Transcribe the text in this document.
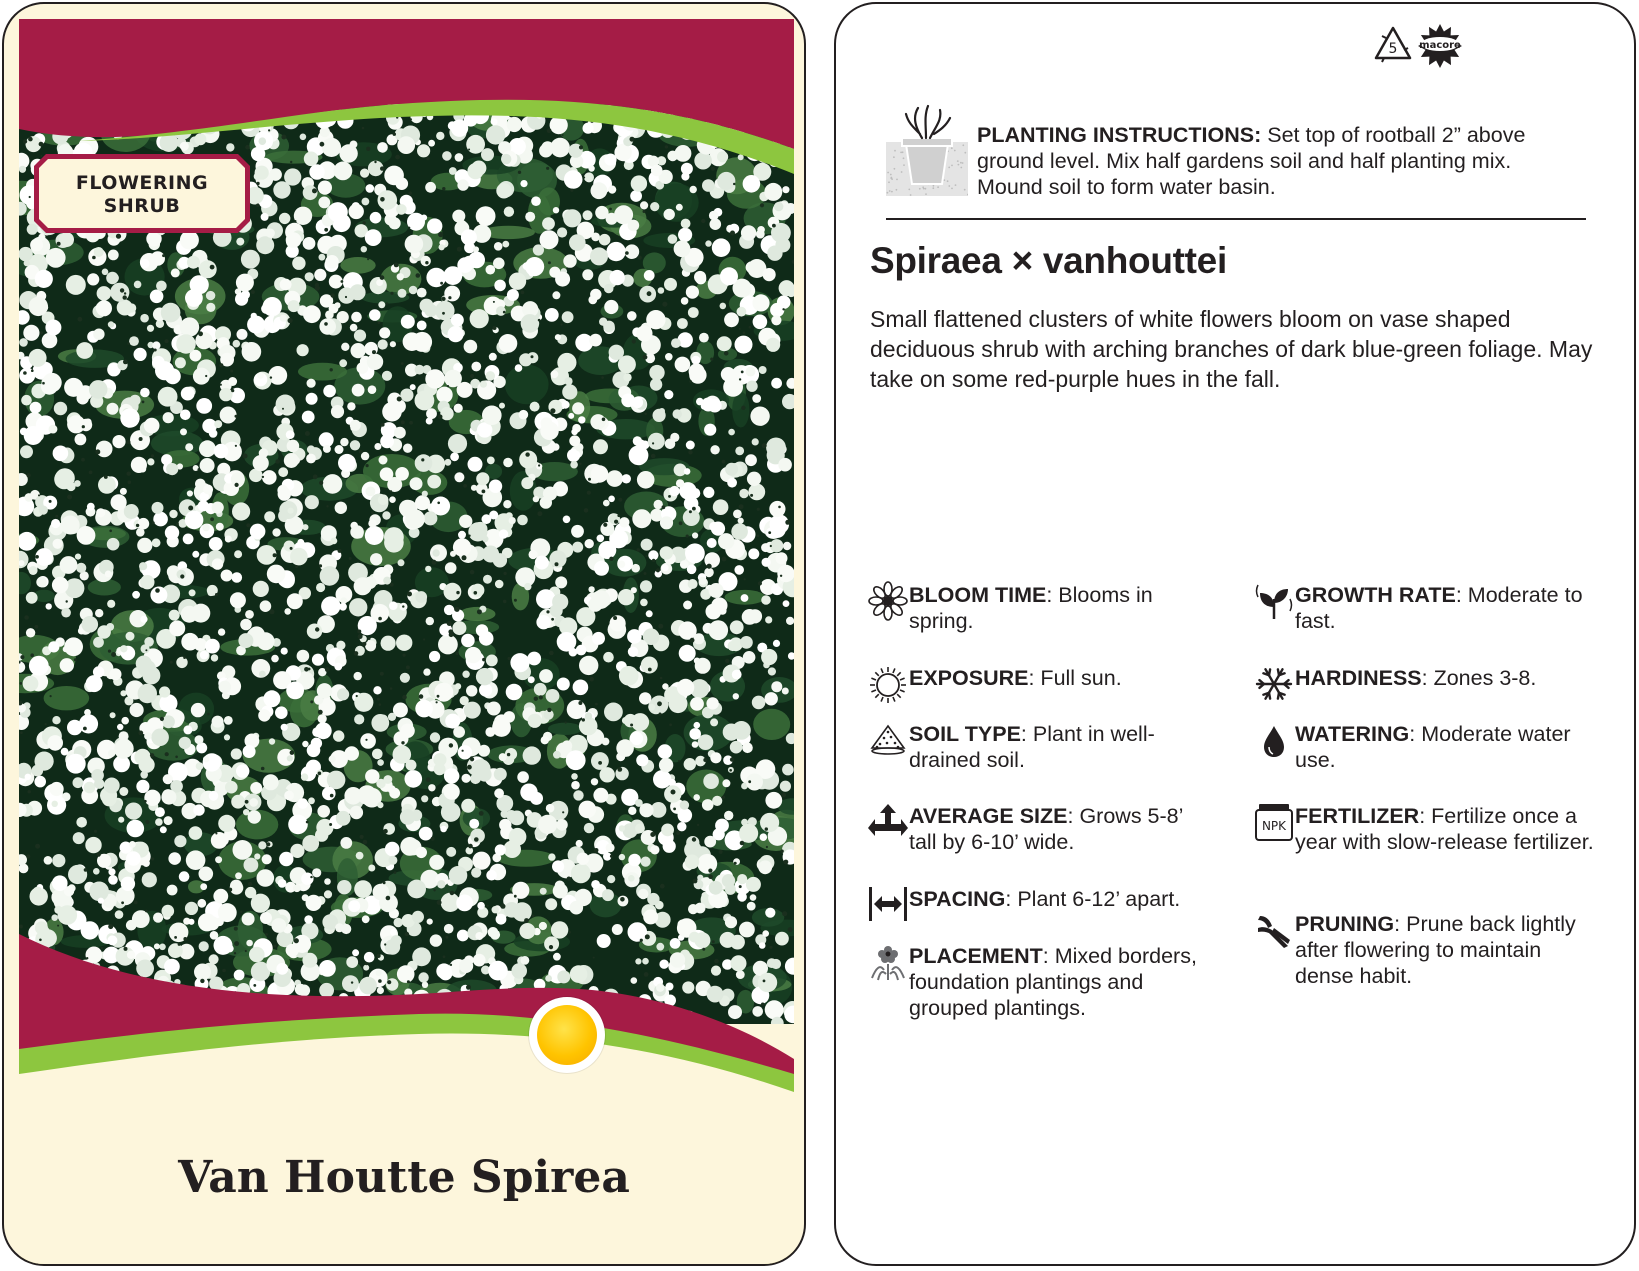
FLOWERING
SHRUB
Van Houtte Spirea
5 macore
PLANTING INSTRUCTIONS: Set top of rootball 2” above ground level. Mix half gardens soil and half planting mix. Mound soil to form water basin.
Spiraea × vanhouttei
Small flattened clusters of white flowers bloom on vase shaped deciduous shrub with arching branches of dark blue-green foliage. May take on some red-purple hues in the fall.
BLOOM TIME: Blooms in spring.
EXPOSURE: Full sun.
SOIL TYPE: Plant in well-drained soil.
AVERAGE SIZE: Grows 5-8’ tall by 6-10’ wide.
SPACING: Plant 6-12’ apart.
PLACEMENT: Mixed borders, foundation plantings and grouped plantings.
GROWTH RATE: Moderate to fast.
HARDINESS: Zones 3-8.
WATERING: Moderate water use.
NPK FERTILIZER: Fertilize once a year with slow-release fertilizer.
PRUNING: Prune back lightly after flowering to maintain dense habit.
